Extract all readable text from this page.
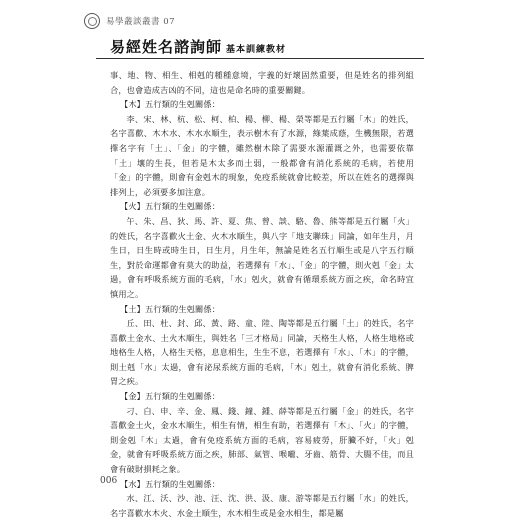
易學叢談叢書 07
易經姓名諮詢師 基本訓練教材

事、地、物、相生、相剋的種種意境，字義的好壞固然重要，但是姓名的排列組合，也會造成吉凶的不同，這也是命名時的重要關鍵。

【木】五行類的生剋關係：

李、宋、林、杭、松、柯、柏、楊、柳、楊、榮等都是五行屬「木」的姓氏，名字喜歡、木木水、木水水順生，表示樹木有了水源，綠葉成蔭，生機無限，若選擇名字有「土」、「金」的字體，雖然樹木除了需要水源灌溉之外，也需要依靠「土」壤的生長，但若是木太多而土弱，一般都會有消化系統的毛病，若使用「金」的字體，則會有金剋木的現象，免疫系統就會比較差，所以在姓名的選擇與排列上，必須要多加注意。

【火】五行類的生剋關係：

午、朱、昌、狄、馬、許、夏、焦、曾、談、駱、魯、熊等都是五行屬「火」的姓氏，名字喜歡火土金、火木水順生，與八字「地支聯珠」同論，如年生月，月生日，日生時或時生日，日生月，月生年，無論是姓名五行順生或是八字五行順生，對於命運都會有莫大的助益，若選擇有「水」、「金」的字體，則火剋「金」太過，會有呼吸系統方面的毛病，「水」剋火，就會有循環系統方面之疾，命名時宜慎用之。

【土】五行類的生剋關係：

丘、田、杜、封、邱、黃、路、童、陸、陶等都是五行屬「土」的姓氏，名字喜歡土金水、土火木順生，與姓名「三才格局」同論，天格生人格，人格生地格或地格生人格，人格生天格，息息相生，生生不息，若選擇有「水」、「木」的字體，則土剋「水」太過，會有泌尿系統方面的毛病，「木」剋土，就會有消化系統、脾胃之疾。

【金】五行類的生剋關係：

刁、白、申、辛、金、鳳、錢、鐘、鍾、薛等都是五行屬「金」的姓氏，名字喜歡金土火，金水木順生，相生有情，相生有助，若選擇有「木」、「火」的字體，則金剋「木」太過，會有免疫系統方面的毛病，容易疲勞，肝臟不好，「火」剋金，就會有呼吸系統方面之疾，肺部、氣管、喉嚨、牙齒、筋骨、大腸不佳，而且會有破財損耗之象。

【水】五行類的生剋關係：

水、江、沃、沙、池、汪、沈、洪、汲、康、游等都是五行屬「水」的姓氏，名字喜歡水木火、水金土順生，水木相生或是金水相生，都是屬

006
